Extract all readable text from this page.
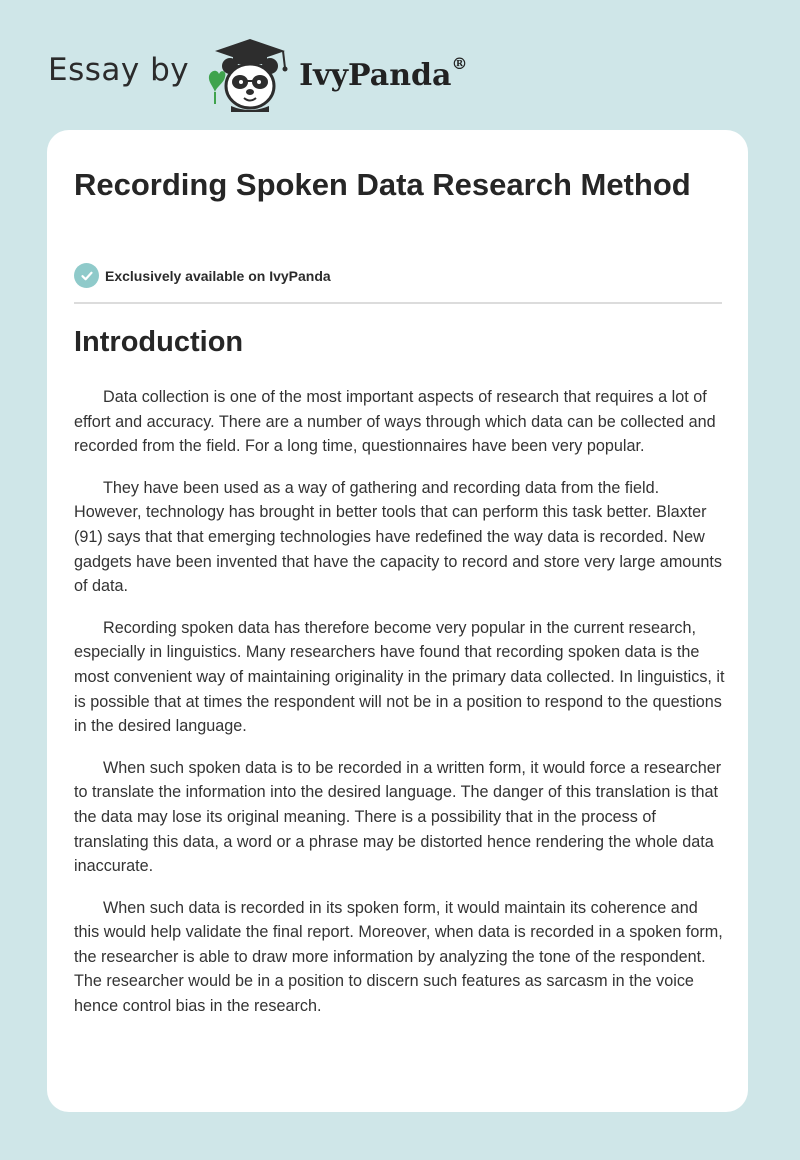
Essay by	IvyPanda®
Recording Spoken Data Research Method
Exclusively available on IvyPanda
Introduction

Data collection is one of the most important aspects of research that requires a lot of effort and accuracy. There are a number of ways through which data can be collected and recorded from the field. For a long time, questionnaires have been very popular.

They have been used as a way of gathering and recording data from the field. However, technology has brought in better tools that can perform this task better. Blaxter (91) says that that emerging technologies have redefined the way data is recorded. New gadgets have been invented that have the capacity to record and store very large amounts of data.

Recording spoken data has therefore become very popular in the current research, especially in linguistics. Many researchers have found that recording spoken data is the most convenient way of maintaining originality in the primary data collected. In linguistics, it is possible that at times the respondent will not be in a position to respond to the questions in the desired language.

When such spoken data is to be recorded in a written form, it would force a researcher to translate the information into the desired language. The danger of this translation is that the data may lose its original meaning. There is a possibility that in the process of translating this data, a word or a phrase may be distorted hence rendering the whole data inaccurate.

When such data is recorded in its spoken form, it would maintain its coherence and this would help validate the final report. Moreover, when data is recorded in a spoken form, the researcher is able to draw more information by analyzing the tone of the respondent. The researcher would be in a position to discern such features as sarcasm in the voice hence control bias in the research.
